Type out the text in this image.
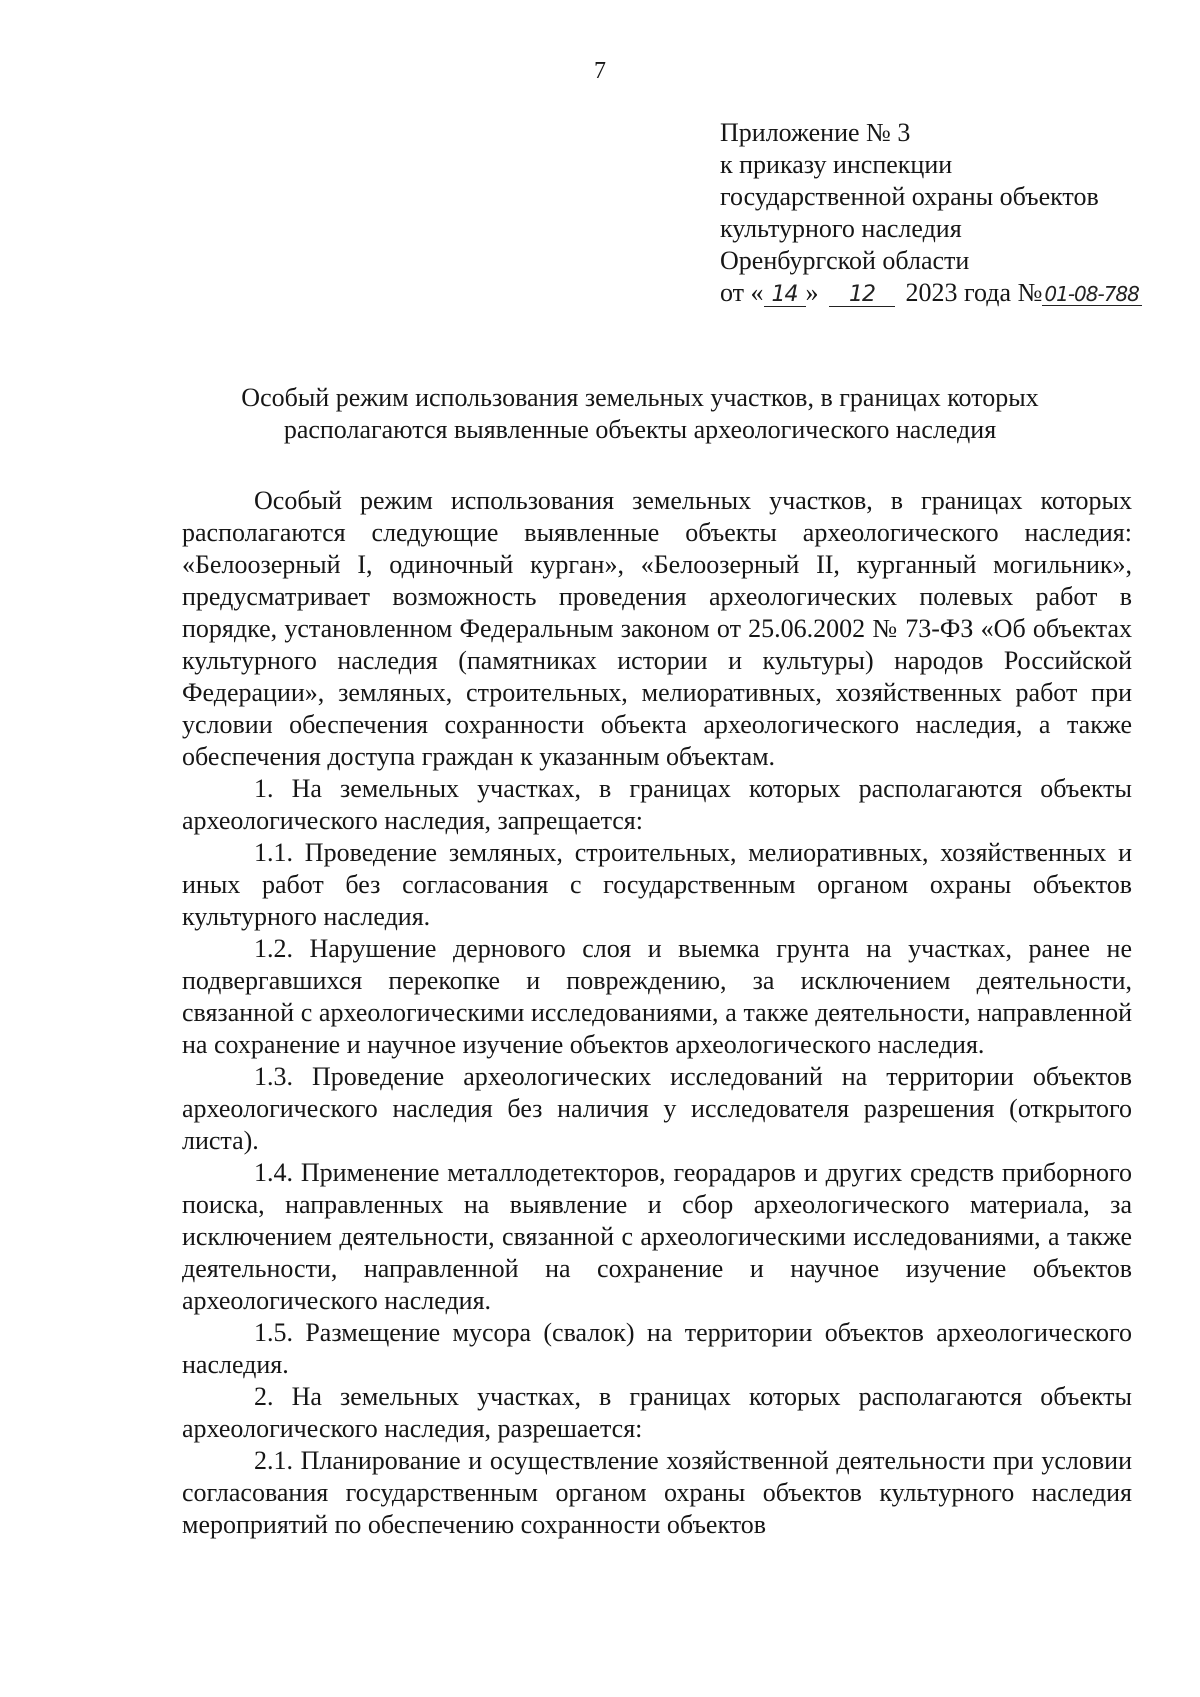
7
Приложение № 3
к приказу инспекции
государственной охраны объектов
культурного наследия
Оренбургской области
от « 14 » 12 2023 года № 01-08-788
Особый режим использования земельных участков, в границах которых
располагаются выявленные объекты археологического наследия

Особый режим использования земельных участков, в границах которых располагаются следующие выявленные объекты археологического наследия: «Белоозерный I, одиночный курган», «Белоозерный II, курганный могильник», предусматривает возможность проведения археологических полевых работ в порядке, установленном Федеральным законом от 25.06.2002 № 73-ФЗ «Об объектах культурного наследия (памятниках истории и культуры) народов Российской Федерации», земляных, строительных, мелиоративных, хозяйственных работ при условии обеспечения сохранности объекта археологического наследия, а также обеспечения доступа граждан к указанным объектам.

1. На земельных участках, в границах которых располагаются объекты археологического наследия, запрещается:

1.1. Проведение земляных, строительных, мелиоративных, хозяйственных и иных работ без согласования с государственным органом охраны объектов культурного наследия.

1.2. Нарушение дернового слоя и выемка грунта на участках, ранее не подвергавшихся перекопке и повреждению, за исключением деятельности, связанной с археологическими исследованиями, а также деятельности, направленной на сохранение и научное изучение объектов археологического наследия.

1.3. Проведение археологических исследований на территории объектов археологического наследия без наличия у исследователя разрешения (открытого листа).

1.4. Применение металлодетекторов, георадаров и других средств приборного поиска, направленных на выявление и сбор археологического материала, за исключением деятельности, связанной с археологическими исследованиями, а также деятельности, направленной на сохранение и научное изучение объектов археологического наследия.

1.5. Размещение мусора (свалок) на территории объектов археологического наследия.

2. На земельных участках, в границах которых располагаются объекты археологического наследия, разрешается:

2.1. Планирование и осуществление хозяйственной деятельности при условии согласования государственным органом охраны объектов культурного наследия мероприятий по обеспечению сохранности объектов
